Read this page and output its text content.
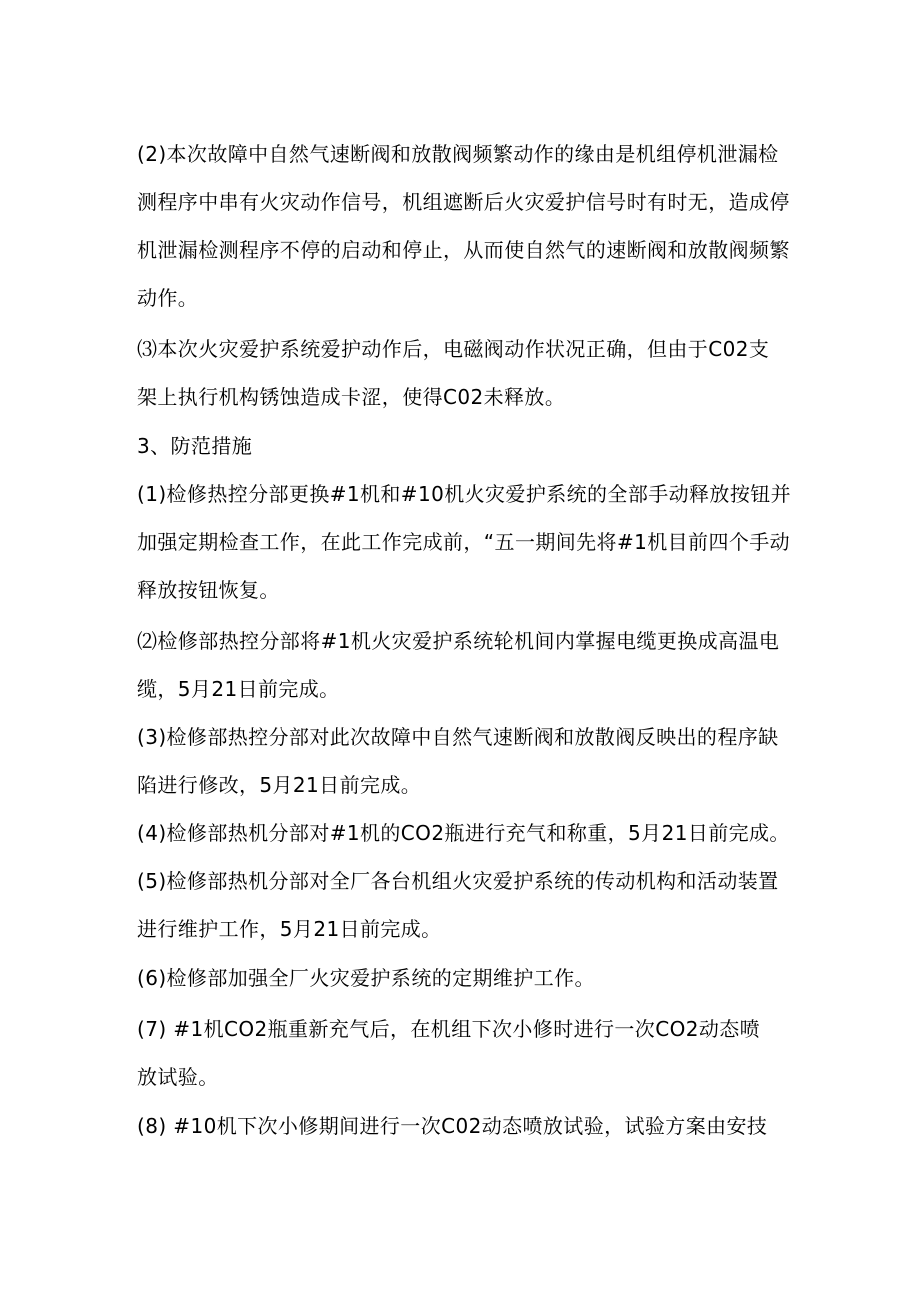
(2)本次故障中自然气速断阀和放散阀频繁动作的缘由是机组停机泄漏检
测程序中串有火灾动作信号，机组遮断后火灾爱护信号时有时无，造成停
机泄漏检测程序不停的启动和停止，从而使自然气的速断阀和放散阀频繁
动作。
⑶本次火灾爱护系统爱护动作后，电磁阀动作状况正确，但由于C02支
架上执行机构锈蚀造成卡涩，使得C02未释放。
3、防范措施
(1)检修热控分部更换#1机和#10机火灾爱护系统的全部手动释放按钮并
加强定期检查工作，在此工作完成前，“五一期间先将#1机目前四个手动
释放按钮恢复。
⑵检修部热控分部将#1机火灾爱护系统轮机间内掌握电缆更换成高温电
缆，5月21日前完成。
(3)检修部热控分部对此次故障中自然气速断阀和放散阀反映出的程序缺
陷进行修改，5月21日前完成。
(4)检修部热机分部对#1机的CO2瓶进行充气和称重，5月21日前完成。
(5)检修部热机分部对全厂各台机组火灾爱护系统的传动机构和活动装置
进行维护工作，5月21日前完成。
(6)检修部加强全厂火灾爱护系统的定期维护工作。
(7) #1机CO2瓶重新充气后，在机组下次小修时进行一次CO2动态喷
放试验。
(8) #10机下次小修期间进行一次C02动态喷放试验，试验方案由安技
